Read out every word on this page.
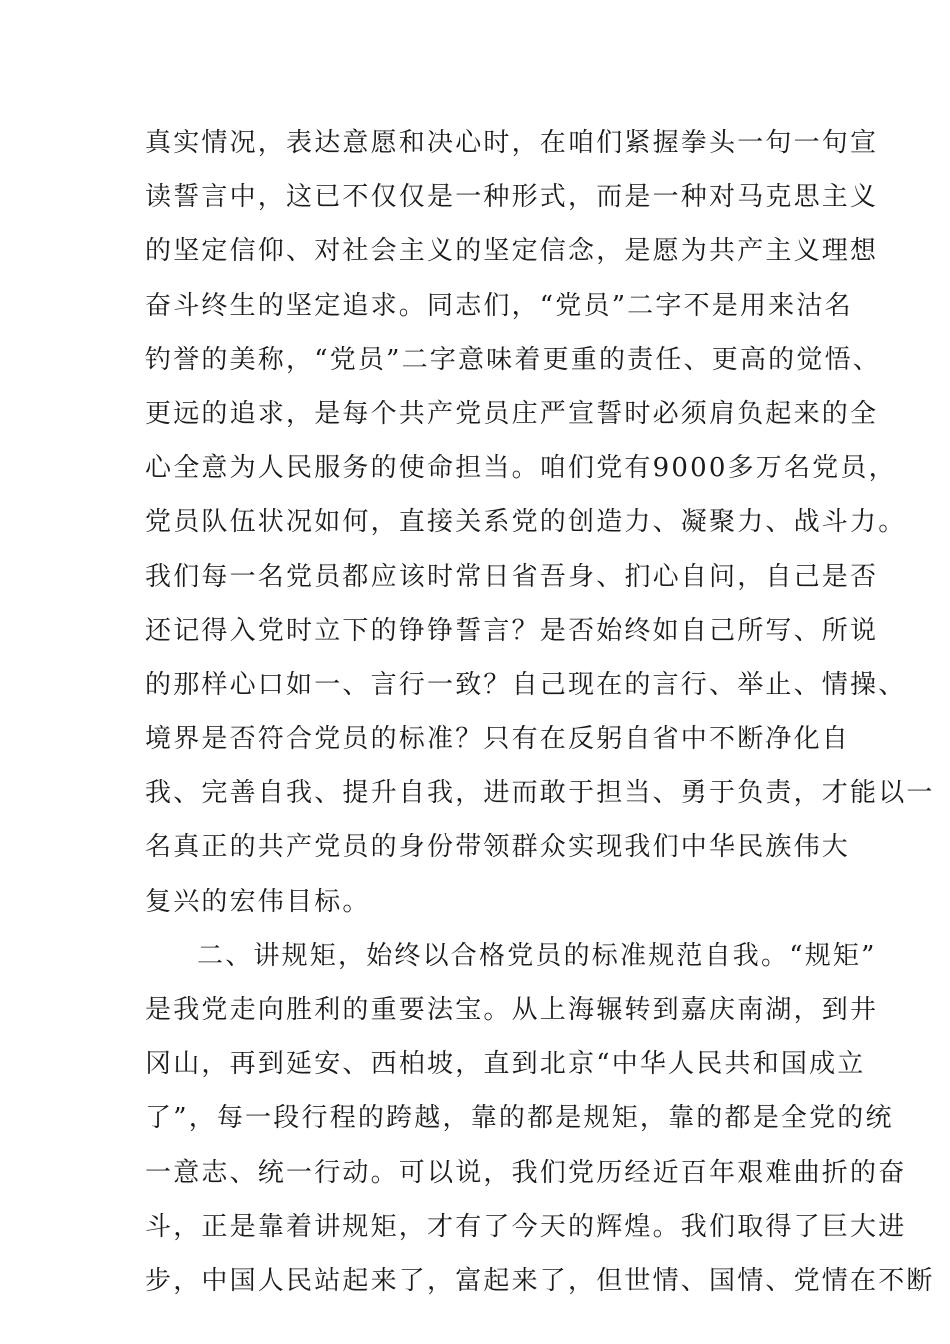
真实情况，表达意愿和决心时，在咱们紧握拳头一句一句宣
读誓言中，这已不仅仅是一种形式，而是一种对马克思主义
的坚定信仰、对社会主义的坚定信念，是愿为共产主义理想
奋斗终生的坚定追求。同志们，“党员”二字不是用来沽名
钓誉的美称，“党员”二字意味着更重的责任、更高的觉悟、
更远的追求，是每个共产党员庄严宣誓时必须肩负起来的全
心全意为人民服务的使命担当。咱们党有9000多万名党员，
党员队伍状况如何，直接关系党的创造力、凝聚力、战斗力。
我们每一名党员都应该时常日省吾身、扪心自问，自己是否
还记得入党时立下的铮铮誓言？是否始终如自己所写、所说
的那样心口如一、言行一致？自己现在的言行、举止、情操、
境界是否符合党员的标准？只有在反躬自省中不断净化自
我、完善自我、提升自我，进而敢于担当、勇于负责，才能以一
名真正的共产党员的身份带领群众实现我们中华民族伟大
复兴的宏伟目标。
二、讲规矩，始终以合格党员的标准规范自我。“规矩”
是我党走向胜利的重要法宝。从上海辗转到嘉庆南湖，到井
冈山，再到延安、西柏坡，直到北京“中华人民共和国成立
了”，每一段行程的跨越，靠的都是规矩，靠的都是全党的统
一意志、统一行动。可以说，我们党历经近百年艰难曲折的奋
斗，正是靠着讲规矩，才有了今天的辉煌。我们取得了巨大进
步，中国人民站起来了，富起来了，但世情、国情、党情在不断
